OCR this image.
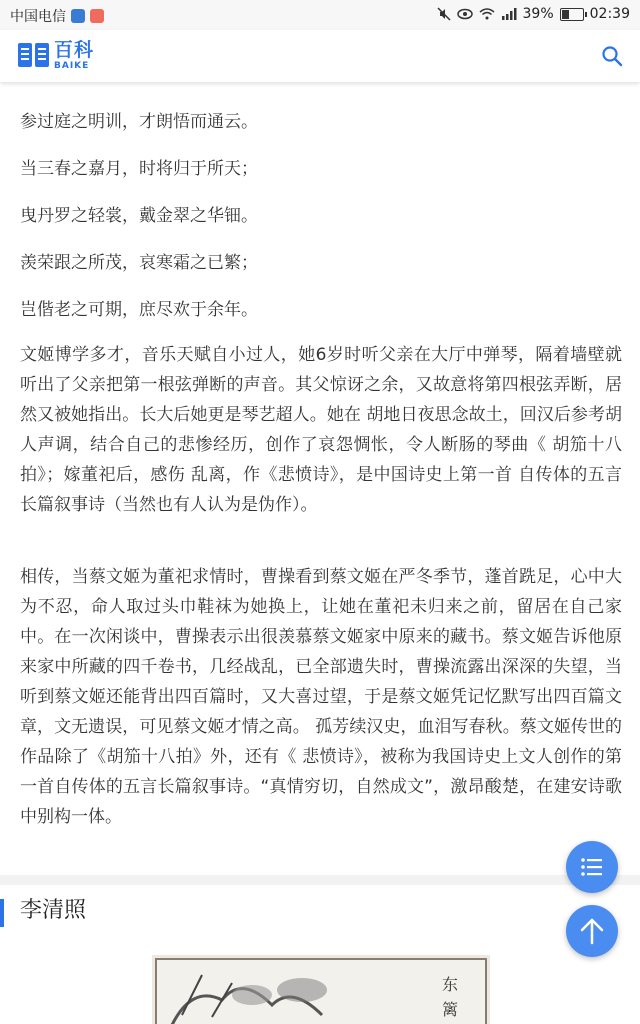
中国电信	39%	02:39
百科
BAIKE
参过庭之明训，才朗悟而通云。
当三春之嘉月，时将归于所天；
曳丹罗之轻裳，戴金翠之华钿。
羡荣跟之所茂，哀寒霜之已繁；
岂偕老之可期，庶尽欢于余年。
文姬博学多才，音乐天赋自小过人，她6岁时听父亲在大厅中弹琴，隔着墙壁就听出了父亲把第一根弦弹断的声音。其父惊讶之余，又故意将第四根弦弄断，居然又被她指出。长大后她更是琴艺超人。她在 胡地日夜思念故土，回汉后参考胡人声调，结合自己的悲惨经历，创作了哀怨惆怅，令人断肠的琴曲《 胡笳十八拍》；嫁董祀后，感伤 乱离，作《悲愤诗》，是中国诗史上第一首 自传体的五言长篇叙事诗（当然也有人认为是伪作）。
相传，当蔡文姬为董祀求情时，曹操看到蔡文姬在严冬季节，蓬首跣足，心中大为不忍，命人取过头巾鞋袜为她换上，让她在董祀未归来之前，留居在自己家中。在一次闲谈中，曹操表示出很羡慕蔡文姬家中原来的藏书。蔡文姬告诉他原来家中所藏的四千卷书，几经战乱，已全部遗失时，曹操流露出深深的失望，当听到蔡文姬还能背出四百篇时，又大喜过望，于是蔡文姬凭记忆默写出四百篇文章，文无遗误，可见蔡文姬才情之高。 孤芳续汉史，血泪写春秋。蔡文姬传世的作品除了《胡笳十八拍》外，还有《 悲愤诗》，被称为我国诗史上文人创作的第一首自传体的五言长篇叙事诗。“真情穷切，自然成文”，激昂酸楚，在建安诗歌中别构一体。
李清照
东
篱
